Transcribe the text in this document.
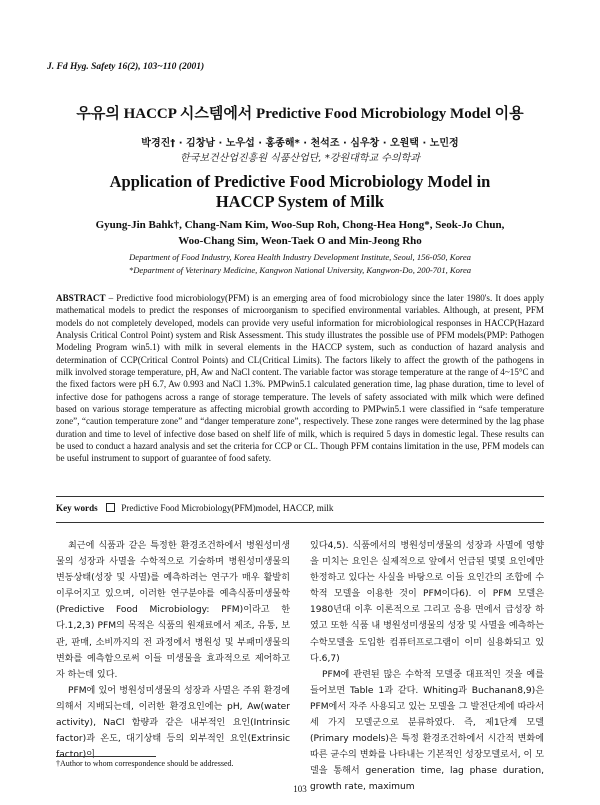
J. Fd Hyg. Safety 16(2), 103~110 (2001)
우유의 HACCP 시스템에서 Predictive Food Microbiology Model 이용
박경진† · 김창남 · 노우섭 · 홍종해* · 천석조 · 심우창 · 오원택 · 노민정
한국보건산업진흥원 식품산업단, *강원대학교 수의학과
Application of Predictive Food Microbiology Model in
HACCP System of Milk
Gyung-Jin Bahk†, Chang-Nam Kim, Woo-Sup Roh, Chong-Hea Hong*, Seok-Jo Chun,
Woo-Chang Sim, Weon-Taek O and Min-Jeong Rho
Department of Food Industry, Korea Health Industry Development Institute, Seoul, 156-050, Korea
*Department of Veterinary Medicine, Kangwon National University, Kangwon-Do, 200-701, Korea
ABSTRACT – Predictive food microbiology(PFM) is an emerging area of food microbiology since the later 1980's. It does apply mathematical models to predict the responses of microorganism to specified environmental variables. Although, at present, PFM models do not completely developed, models can provide very useful information for microbiological responses in HACCP(Hazard Analysis Critical Control Point) system and Risk Assessment. This study illustrates the possible use of PFM models(PMP: Pathogen Modeling Program win5.1) with milk in several elements in the HACCP system, such as conduction of hazard analysis and determination of CCP(Critical Control Points) and CL(Critical Limits). The factors likely to affect the growth of the pathogens in milk involved storage temperature, pH, Aw and NaCl content. The variable factor was storage temperature at the range of 4~15°C and the fixed factors were pH 6.7, Aw 0.993 and NaCl 1.3%. PMPwin5.1 calculated generation time, lag phase duration, time to level of infective dose for pathogens across a range of storage temperature. The levels of safety associated with milk which were defined based on various storage temperature as affecting microbial growth according to PMPwin5.1 were classified in “safe temperature zone”, “caution temperature zone” and “danger temperature zone”, respectively. These zone ranges were determined by the lag phase duration and time to level of infective dose based on shelf life of milk, which is required 5 days in domestic legal. These results can be used to conduct a hazard analysis and set the criteria for CCP or CL. Though PFM contains limitation in the use, PFM models can be useful instrument to support of guarantee of food safety.
Key words	Predictive Food Microbiology(PFM)model, HACCP, milk

최근에 식품과 같은 특정한 환경조건하에서 병원성미생물의 성장과 사멸을 수학적으로 기술하며 병원성미생물의 변동상태(성장 및 사멸)를 예측하려는 연구가 매우 활발히 이루어지고 있으며, 이러한 연구분야를 예측식품미생물학(Predictive Food Microbiology: PFM)이라고 한다.1,2,3) PFM의 목적은 식품의 원재료에서 제조, 유통, 보관, 판매, 소비까지의 전 과정에서 병원성 및 부패미생물의 변화를 예측함으로써 이들 미생물을 효과적으로 제어하고자 하는데 있다.

PFM에 있어 병원성미생물의 성장과 사멸은 주위 환경에 의해서 지배되는데, 이러한 환경요인에는 pH, Aw(water activity), NaCl 함량과 같은 내부적인 요인(Intrinsic factor)과 온도, 대기상태 등의 외부적인 요인(Extrinsic factor)이

있다4,5). 식품에서의 병원성미생물의 성장과 사멸에 영향을 미치는 요인은 실제적으로 앞에서 언급된 몇몇 요인에만 한정하고 있다는 사실을 바탕으로 이들 요인간의 조합에 수학적 모델을 이용한 것이 PFM이다6). 이 PFM 모델은 1980년대 이후 이론적으로 그리고 응용 면에서 급성장 하였고 또한 식품 내 병원성미생물의 성장 및 사멸을 예측하는 수학모델을 도입한 컴퓨터프로그램이 이미 실용화되고 있다.6,7)

PFM에 관련된 많은 수학적 모델중 대표적인 것을 예를 들어보면 Table 1과 같다. Whiting과 Buchanan8,9)은 PFM에서 자주 사용되고 있는 모델을 그 발전단계에 따라서 세 가지 모델군으로 분류하였다. 즉, 제1단계 모델(Primary models)은 특정 환경조건하에서 시간적 변화에 따른 균수의 변화를 나타내는 기본적인 성장모델로서, 이 모델을 통해서 generation time, lag phase duration, growth rate, maximum

†Author to whom correspondence should be addressed.
103
